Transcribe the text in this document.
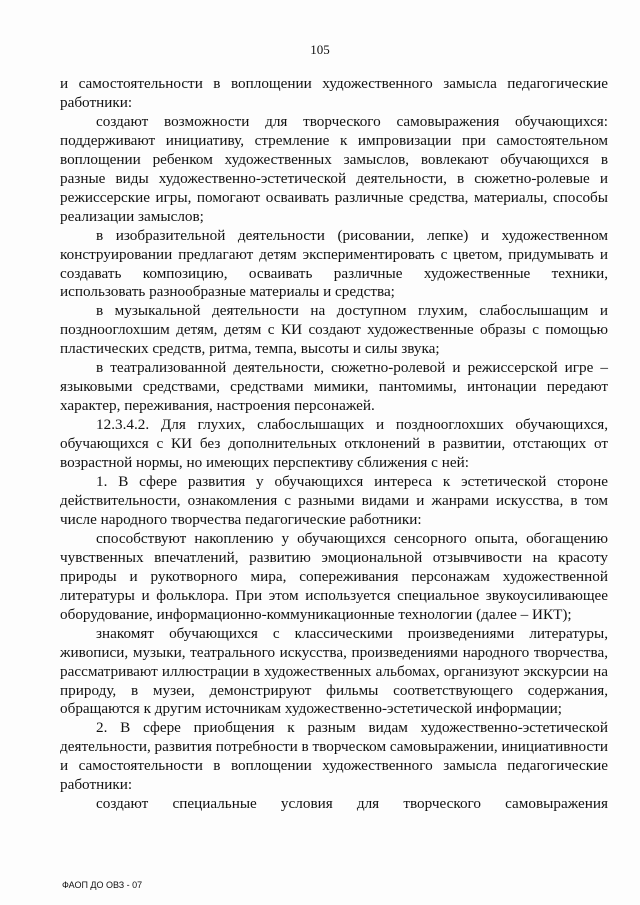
105

и самостоятельности в воплощении художественного замысла педагогические работники:

создают возможности для творческого самовыражения обучающихся: поддерживают инициативу, стремление к импровизации при самостоятельном воплощении ребенком художественных замыслов, вовлекают обучающихся в разные виды художественно-эстетической деятельности, в сюжетно-ролевые и режиссерские игры, помогают осваивать различные средства, материалы, способы реализации замыслов;

в изобразительной деятельности (рисовании, лепке) и художественном конструировании предлагают детям экспериментировать с цветом, придумывать и создавать композицию, осваивать различные художественные техники, использовать разнообразные материалы и средства;

в музыкальной деятельности на доступном глухим, слабослышащим и позднооглохшим детям, детям с КИ создают художественные образы с помощью пластических средств, ритма, темпа, высоты и силы звука;

в театрализованной деятельности, сюжетно-ролевой и режиссерской игре – языковыми средствами, средствами мимики, пантомимы, интонации передают характер, переживания, настроения персонажей.

12.3.4.2. Для глухих, слабослышащих и позднооглохших обучающихся, обучающихся с КИ без дополнительных отклонений в развитии, отстающих от возрастной нормы, но имеющих перспективу сближения с ней:

1. В сфере развития у обучающихся интереса к эстетической стороне действительности, ознакомления с разными видами и жанрами искусства, в том числе народного творчества педагогические работники:

способствуют накоплению у обучающихся сенсорного опыта, обогащению чувственных впечатлений, развитию эмоциональной отзывчивости на красоту природы и рукотворного мира, сопереживания персонажам художественной литературы и фольклора. При этом используется специальное звукоусиливающее оборудование, информационно-коммуникационные технологии (далее – ИКТ);

знакомят обучающихся с классическими произведениями литературы, живописи, музыки, театрального искусства, произведениями народного творчества, рассматривают иллюстрации в художественных альбомах, организуют экскурсии на природу, в музеи, демонстрируют фильмы соответствующего содержания, обращаются к другим источникам художественно-эстетической информации;

2. В сфере приобщения к разным видам художественно-эстетической деятельности, развития потребности в творческом самовыражении, инициативности и самостоятельности в воплощении художественного замысла педагогические работники:

создают специальные условия для творческого самовыражения

ФАОП ДО ОВЗ - 07
